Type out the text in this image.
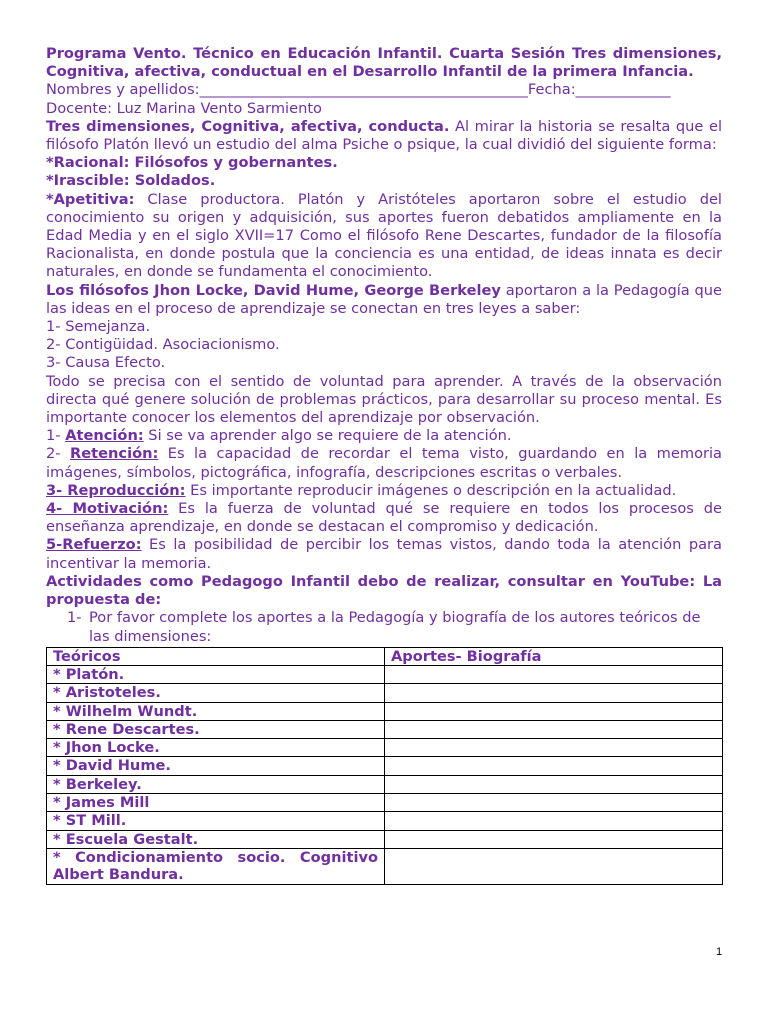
Programa Vento. Técnico en Educación Infantil. Cuarta Sesión Tres dimensiones, Cognitiva, afectiva, conductual en el Desarrollo Infantil de la primera Infancia.

Nombres y apellidos:_____________________________________________Fecha:_____________

Docente: Luz Marina Vento Sarmiento

Tres dimensiones, Cognitiva, afectiva, conducta. Al mirar la historia se resalta que el filósofo Platón llevó un estudio del alma Psiche o psique, la cual dividió del siguiente forma:

*Racional: Filósofos y gobernantes.

*Irascible: Soldados.

*Apetitiva: Clase productora. Platón y Aristóteles aportaron sobre el estudio del conocimiento su origen y adquisición, sus aportes fueron debatidos ampliamente en la Edad Media y en el siglo XVII=17 Como el filósofo Rene Descartes, fundador de la filosofía Racionalista, en donde postula que la conciencia es una entidad, de ideas innata es decir naturales, en donde se fundamenta el conocimiento.

Los filósofos Jhon Locke, David Hume, George Berkeley aportaron a la Pedagogía que las ideas en el proceso de aprendizaje se conectan en tres leyes a saber:

1- Semejanza.

2- Contigüidad. Asociacionismo.

3- Causa Efecto.

Todo se precisa con el sentido de voluntad para aprender. A través de la observación directa qué genere solución de problemas prácticos, para desarrollar su proceso mental. Es importante conocer los elementos del aprendizaje por observación.

1- Atención: Si se va aprender algo se requiere de la atención.

2- Retención: Es la capacidad de recordar el tema visto, guardando en la memoria imágenes, símbolos, pictográfica, infografía, descripciones escritas o verbales.

3- Reproducción: Es importante reproducir imágenes o descripción en la actualidad.

4- Motivación: Es la fuerza de voluntad qué se requiere en todos los procesos de enseñanza aprendizaje, en donde se destacan el compromiso y dedicación.

5-Refuerzo: Es la posibilidad de percibir los temas vistos, dando toda la atención para incentivar la memoria.

Actividades como Pedagogo Infantil debo de realizar, consultar en YouTube: La propuesta de:

1- Por favor complete los aportes a la Pedagogía y biografía de los autores teóricos de las dimensiones:
Teóricos	Aportes- Biografía
* Platón.	
* Aristoteles.	
* Wilhelm Wundt.	
* Rene Descartes.	
* Jhon Locke.	
* David Hume.	
* Berkeley.	
* James Mill	
* ST Mill.	
* Escuela Gestalt.	
* Condicionamiento socio. Cognitivo Albert Bandura.	
1
